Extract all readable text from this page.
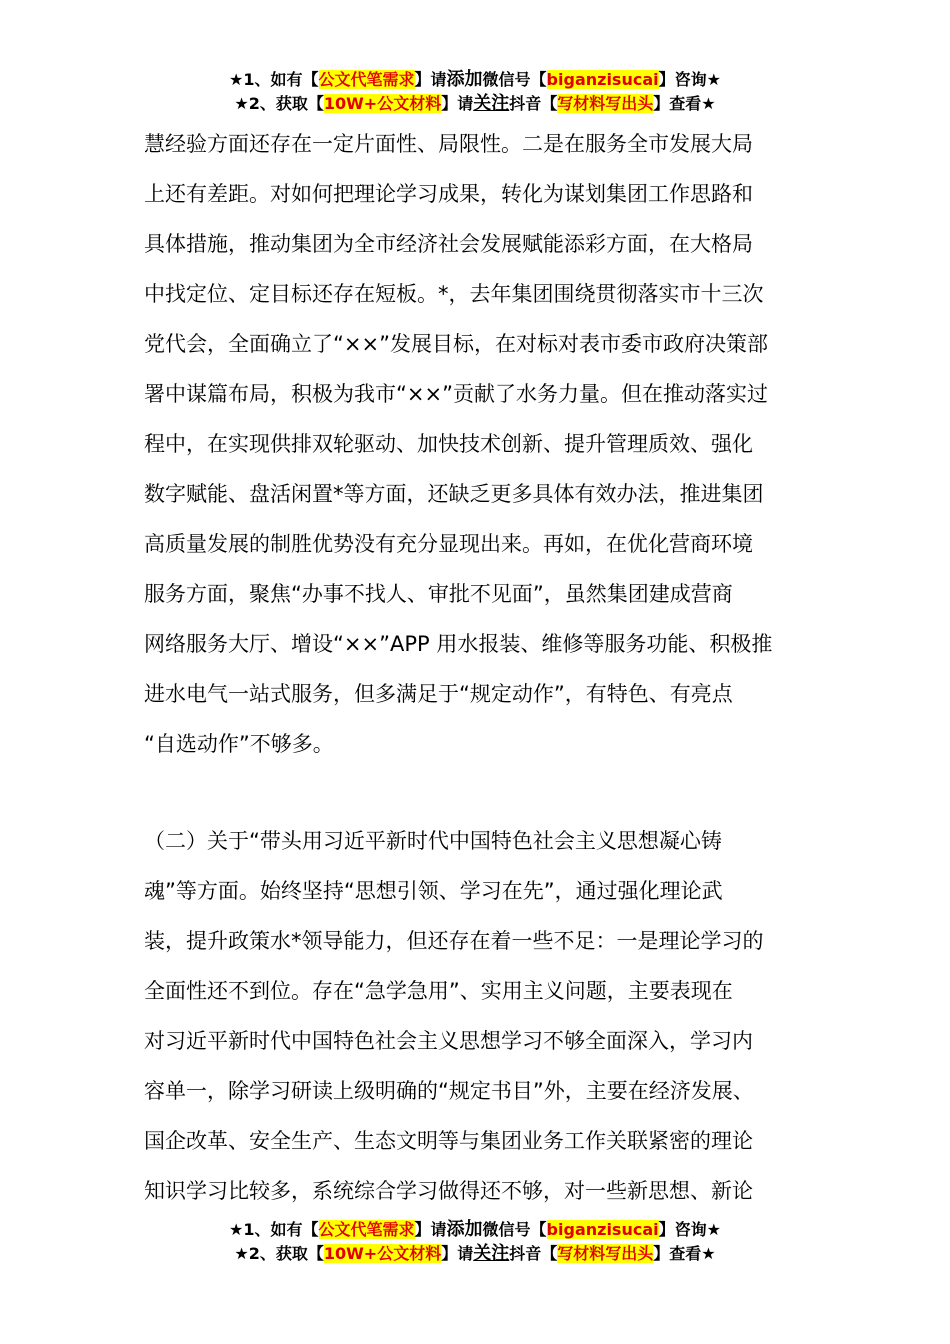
★1、如有【公文代笔需求】请添加微信号【biganzisucai】咨询★
★2、获取【10W+公文材料】请关注抖音【写材料写出头】查看★
慧经验方面还存在一定片面性、局限性。二是在服务全市发展大局
上还有差距。对如何把理论学习成果，转化为谋划集团工作思路和
具体措施，推动集团为全市经济社会发展赋能添彩方面，在大格局
中找定位、定目标还存在短板。*，去年集团围绕贯彻落实市十三次
党代会，全面确立了“××”发展目标，在对标对表市委市政府决策部
署中谋篇布局，积极为我市“××”贡献了水务力量。但在推动落实过
程中，在实现供排双轮驱动、加快技术创新、提升管理质效、强化
数字赋能、盘活闲置*等方面，还缺乏更多具体有效办法，推进集团
高质量发展的制胜优势没有充分显现出来。再如，在优化营商环境
服务方面，聚焦“办事不找人、审批不见面”，虽然集团建成营商
网络服务大厅、增设“××”APP 用水报装、维修等服务功能、积极推
进水电气一站式服务，但多满足于“规定动作”，有特色、有亮点
“自选动作”不够多。
（二）关于“带头用习近平新时代中国特色社会主义思想凝心铸
魂”等方面。始终坚持“思想引领、学习在先”，通过强化理论武
装，提升政策水*领导能力，但还存在着一些不足：一是理论学习的
全面性还不到位。存在“急学急用”、实用主义问题，主要表现在
对习近平新时代中国特色社会主义思想学习不够全面深入，学习内
容单一，除学习研读上级明确的“规定书目”外，主要在经济发展、
国企改革、安全生产、生态文明等与集团业务工作关联紧密的理论
知识学习比较多，系统综合学习做得还不够，对一些新思想、新论
★1、如有【公文代笔需求】请添加微信号【biganzisucai】咨询★
★2、获取【10W+公文材料】请关注抖音【写材料写出头】查看★
